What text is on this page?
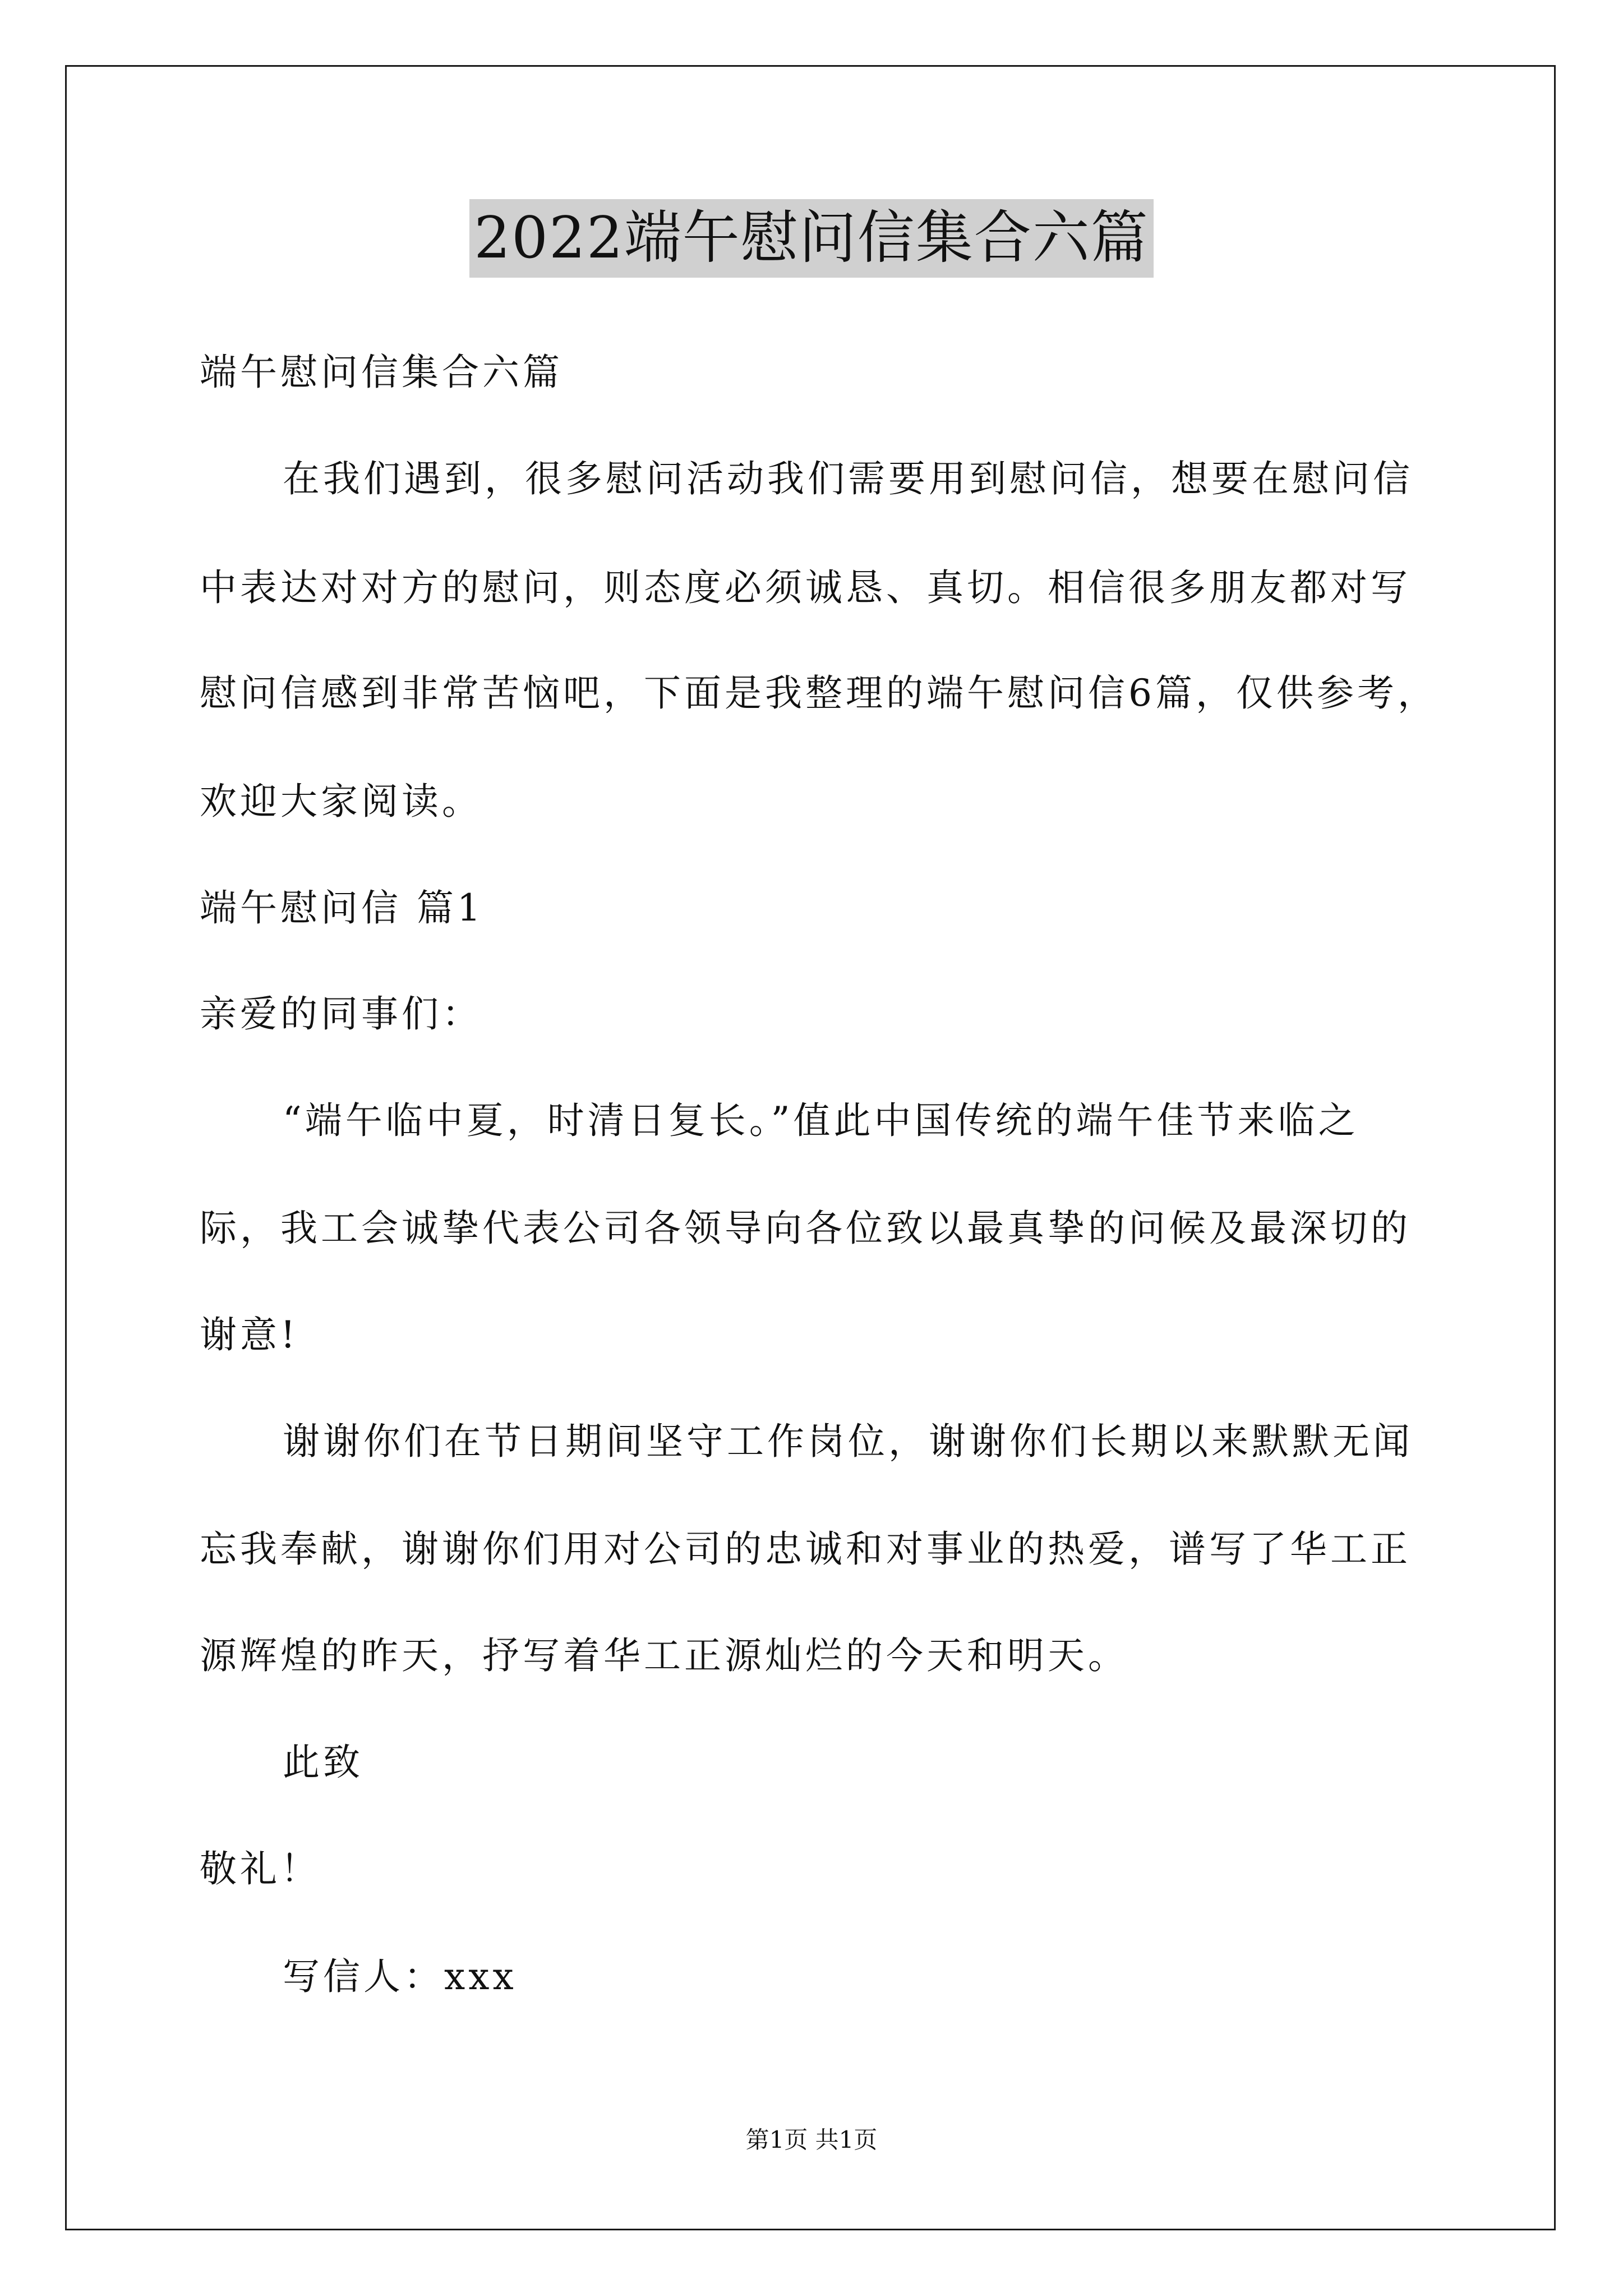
2022端午慰问信集合六篇
端午慰问信集合六篇
在我们遇到，很多慰问活动我们需要用到慰问信，想要在慰问信
中表达对对方的慰问，则态度必须诚恳、真切。相信很多朋友都对写
慰问信感到非常苦恼吧，下面是我整理的端午慰问信6篇，仅供参考，
欢迎大家阅读。
端午慰问信 篇1
亲爱的同事们：
“端午临中夏，时清日复长。”值此中国传统的端午佳节来临之
际，我工会诚挚代表公司各领导向各位致以最真挚的问候及最深切的
谢意!
谢谢你们在节日期间坚守工作岗位，谢谢你们长期以来默默无闻
忘我奉献，谢谢你们用对公司的忠诚和对事业的热爱，谱写了华工正
源辉煌的昨天，抒写着华工正源灿烂的今天和明天。
此致
敬礼！
写信人：xxx
第1页 共1页
